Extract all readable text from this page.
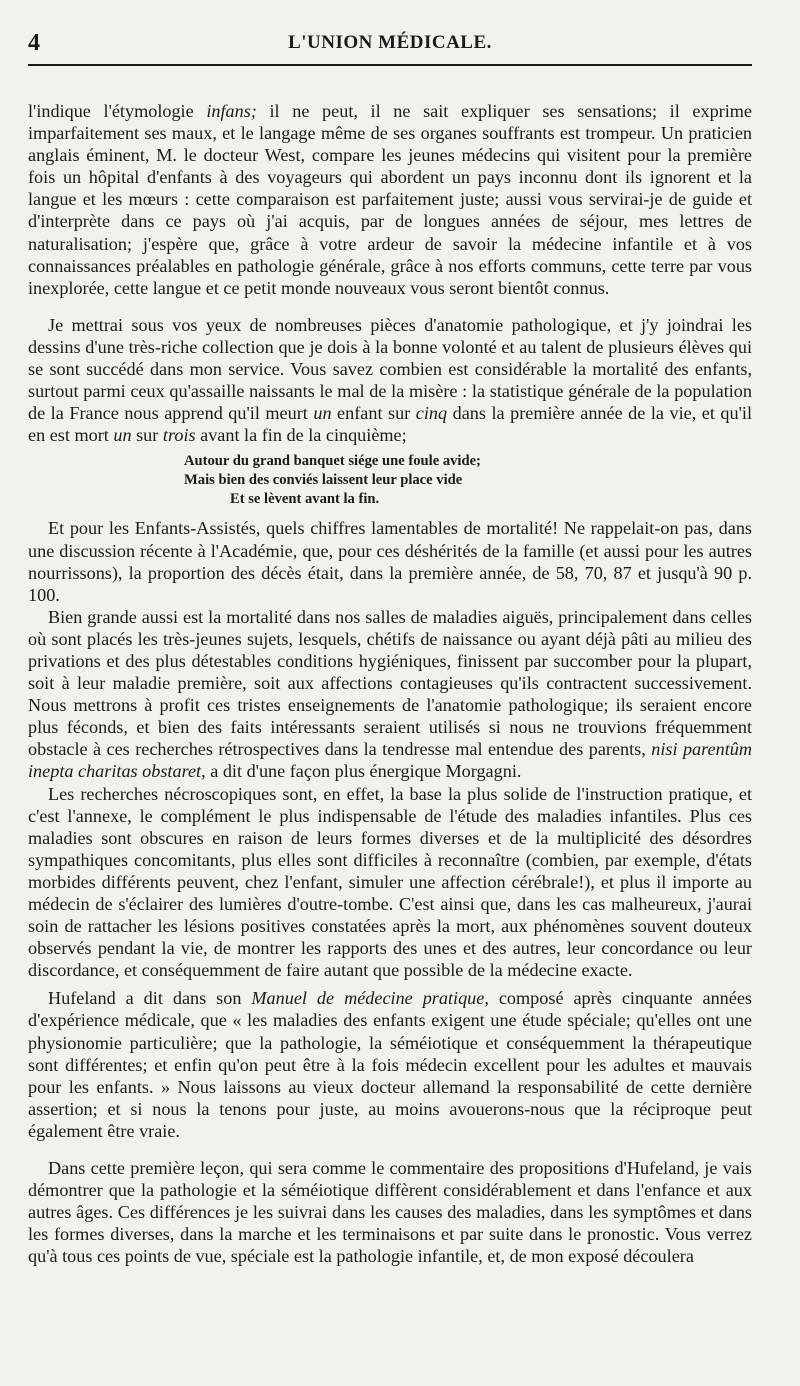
4	L'UNION MÉDICALE.

l'indique l'étymologie infans; il ne peut, il ne sait expliquer ses sensations; il exprime imparfaitement ses maux, et le langage même de ses organes souffrants est trompeur. Un praticien anglais éminent, M. le docteur West, compare les jeunes médecins qui visitent pour la première fois un hôpital d'enfants à des voyageurs qui abordent un pays inconnu dont ils ignorent et la langue et les mœurs : cette comparaison est parfaitement juste; aussi vous servirai-je de guide et d'interprète dans ce pays où j'ai acquis, par de longues années de séjour, mes lettres de naturalisation; j'espère que, grâce à votre ardeur de savoir la médecine infantile et à vos connaissances préalables en pathologie générale, grâce à nos efforts communs, cette terre par vous inexplorée, cette langue et ce petit monde nouveaux vous seront bientôt connus.

Je mettrai sous vos yeux de nombreuses pièces d'anatomie pathologique, et j'y joindrai les dessins d'une très-riche collection que je dois à la bonne volonté et au talent de plusieurs élèves qui se sont succédé dans mon service. Vous savez combien est considérable la mortalité des enfants, surtout parmi ceux qu'assaille naissants le mal de la misère : la statistique générale de la population de la France nous apprend qu'il meurt un enfant sur cinq dans la première année de la vie, et qu'il en est mort un sur trois avant la fin de la cinquième;

Autour du grand banquet siége une foule avide;
Mais bien des conviés laissent leur place vide
Et se lèvent avant la fin.

Et pour les Enfants-Assistés, quels chiffres lamentables de mortalité! Ne rappelait-on pas, dans une discussion récente à l'Académie, que, pour ces déshérités de la famille (et aussi pour les autres nourrissons), la proportion des décès était, dans la première année, de 58, 70, 87 et jusqu'à 90 p. 100.

Bien grande aussi est la mortalité dans nos salles de maladies aiguës, principalement dans celles où sont placés les très-jeunes sujets, lesquels, chétifs de naissance ou ayant déjà pâti au milieu des privations et des plus détestables conditions hygiéniques, finissent par succomber pour la plupart, soit à leur maladie première, soit aux affections contagieuses qu'ils contractent successivement. Nous mettrons à profit ces tristes enseignements de l'anatomie pathologique; ils seraient encore plus féconds, et bien des faits intéressants seraient utilisés si nous ne trouvions fréquemment obstacle à ces recherches rétrospectives dans la tendresse mal entendue des parents, nisi parentûm inepta charitas obstaret, a dit d'une façon plus énergique Morgagni.

Les recherches nécroscopiques sont, en effet, la base la plus solide de l'instruction pratique, et c'est l'annexe, le complément le plus indispensable de l'étude des maladies infantiles. Plus ces maladies sont obscures en raison de leurs formes diverses et de la multiplicité des désordres sympathiques concomitants, plus elles sont difficiles à reconnaître (combien, par exemple, d'états morbides différents peuvent, chez l'enfant, simuler une affection cérébrale!), et plus il importe au médecin de s'éclairer des lumières d'outre-tombe. C'est ainsi que, dans les cas malheureux, j'aurai soin de rattacher les lésions positives constatées après la mort, aux phénomènes souvent douteux observés pendant la vie, de montrer les rapports des unes et des autres, leur concordance ou leur discordance, et conséquemment de faire autant que possible de la médecine exacte.

Hufeland a dit dans son Manuel de médecine pratique, composé après cinquante années d'expérience médicale, que « les maladies des enfants exigent une étude spéciale; qu'elles ont une physionomie particulière; que la pathologie, la séméiotique et conséquemment la thérapeutique sont différentes; et enfin qu'on peut être à la fois médecin excellent pour les adultes et mauvais pour les enfants. » Nous laissons au vieux docteur allemand la responsabilité de cette dernière assertion; et si nous la tenons pour juste, au moins avouerons-nous que la réciproque peut également être vraie.

Dans cette première leçon, qui sera comme le commentaire des propositions d'Hufeland, je vais démontrer que la pathologie et la séméiotique diffèrent considérablement et dans l'enfance et aux autres âges. Ces différences je les suivrai dans les causes des maladies, dans les symptômes et dans les formes diverses, dans la marche et les terminaisons et par suite dans le pronostic. Vous verrez qu'à tous ces points de vue, spéciale est la pathologie infantile, et, de mon exposé découlera
